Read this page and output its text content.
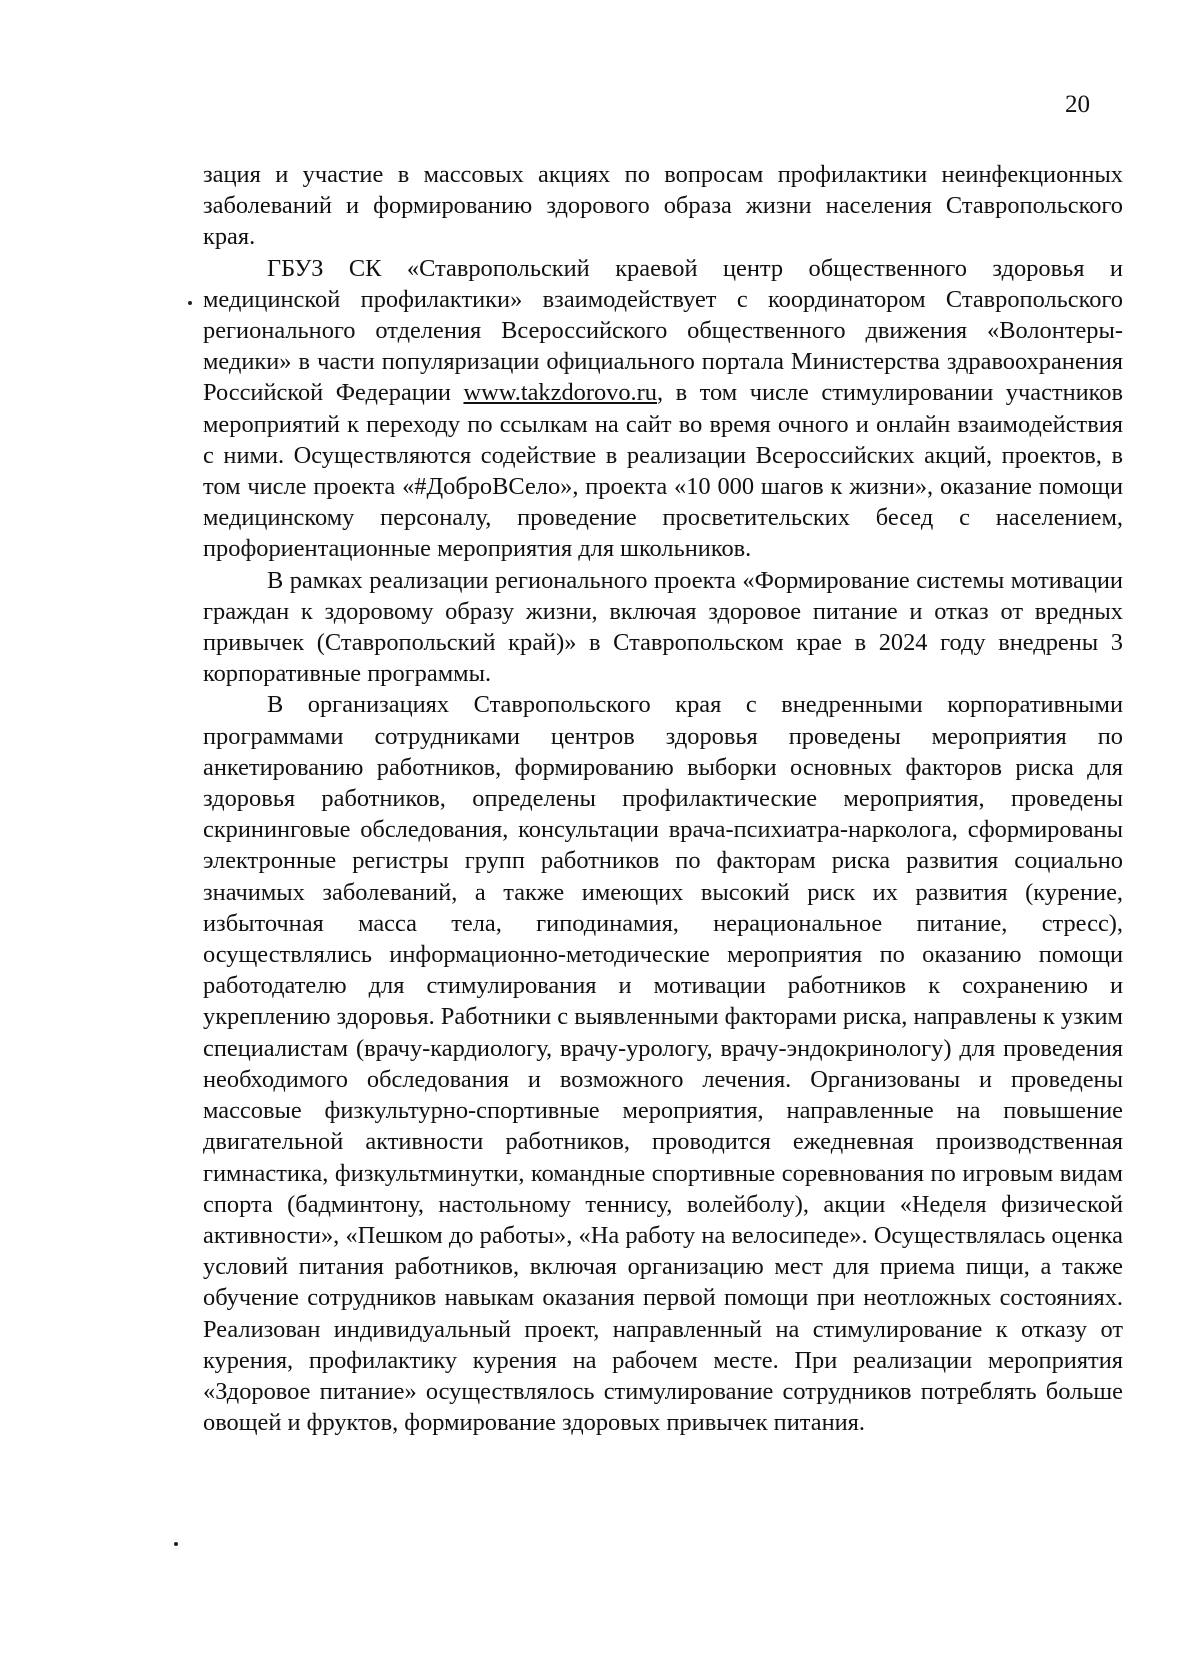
20

зация и участие в массовых акциях по вопросам профилактики неинфекционных заболеваний и формированию здорового образа жизни населения Ставропольского края.

ГБУЗ СК «Ставропольский краевой центр общественного здоровья и медицинской профилактики» взаимодействует с координатором Ставропольского регионального отделения Всероссийского общественного движения «Волонтеры-медики» в части популяризации официального портала Министерства здравоохранения Российской Федерации www.takzdorovo.ru, в том числе стимулировании участников мероприятий к переходу по ссылкам на сайт во время очного и онлайн взаимодействия с ними. Осуществляются содействие в реализации Всероссийских акций, проектов, в том числе проекта «#ДоброВСело», проекта «10 000 шагов к жизни», оказание помощи медицинскому персоналу, проведение просветительских бесед с населением, профориентационные мероприятия для школьников.

В рамках реализации регионального проекта «Формирование системы мотивации граждан к здоровому образу жизни, включая здоровое питание и отказ от вредных привычек (Ставропольский край)» в Ставропольском крае в 2024 году внедрены 3 корпоративные программы.

В организациях Ставропольского края с внедренными корпоративными программами сотрудниками центров здоровья проведены мероприятия по анкетированию работников, формированию выборки основных факторов риска для здоровья работников, определены профилактические мероприятия, проведены скрининговые обследования, консультации врача-психиатра-нарколога, сформированы электронные регистры групп работников по факторам риска развития социально значимых заболеваний, а также имеющих высокий риск их развития (курение, избыточная масса тела, гиподинамия, нерациональное питание, стресс), осуществлялись информационно-методические мероприятия по оказанию помощи работодателю для стимулирования и мотивации работников к сохранению и укреплению здоровья. Работники с выявленными факторами риска, направлены к узким специалистам (врачу-кардиологу, врачу-урологу, врачу-эндокринологу) для проведения необходимого обследования и возможного лечения. Организованы и проведены массовые физкультурно-спортивные мероприятия, направленные на повышение двигательной активности работников, проводится ежедневная производственная гимнастика, физкультминутки, командные спортивные соревнования по игровым видам спорта (бадминтону, настольному теннису, волейболу), акции «Неделя физической активности», «Пешком до работы», «На работу на велосипеде». Осуществлялась оценка условий питания работников, включая организацию мест для приема пищи, а также обучение сотрудников навыкам оказания первой помощи при неотложных состояниях. Реализован индивидуальный проект, направленный на стимулирование к отказу от курения, профилактику курения на рабочем месте. При реализации мероприятия «Здоровое питание» осуществлялось стимулирование сотрудников потреблять больше овощей и фруктов, формирование здоровых привычек питания.
